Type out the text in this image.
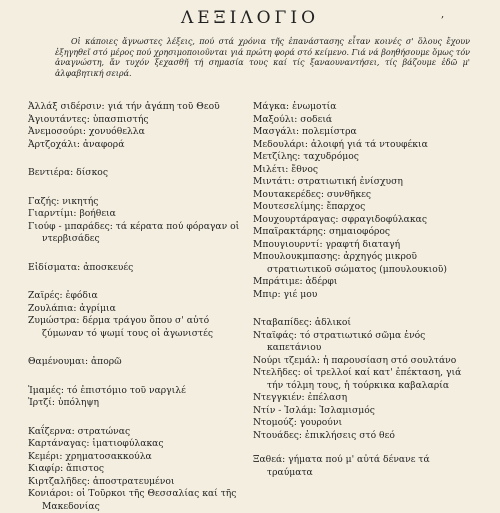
,
ΛΕΞΙΛΟΓΙΟ
Οἱ κάποιες ἄγνωστες λέξεις, πού στά χρόνια τῆς ἐπανάστασης εἶταν κοινές σ' ὅλους ἔχουν ἐξηγηθεῖ στό μέρος πού χρησιμοποιοῦνται γιά πρώτη φορά στό κείμενο. Γιά νά βοηθήσουμε ὅμως τόν ἀναγνώστη, ἄν τυχόν ξεχασθῆ τή σημασία τους καί τίς ξαναουναντήσει, τίς βάζουμε ἐδῶ μ' ἀλφαβητική σειρά.
Ἀλλάξ σιδέρσιν: γιά τήν ἀγάπη τοῦ Θεοῦ
Ἀγιουτάντες: ὑπασπιστής
Ἀνεμοσούρι: χονυόθελλα
Ἀρτζοχάλι: ἀναφορά
Βεντιέρα: δίσκος
Γαζής: νικητής
Γιαρντίμι: βοήθεια
Γιούφ - μπαράδες: τά κέρατα πού φόραγαν οἱ ντερβισάδες
Εἰδίσματα: ἀποσκευές
Ζαϊρές: ἐφόδια
Ζουλάπια: ἀγρίμια
Ζυμώστρα: δέρμα τράγου ὅπου σ' αὐτό ζύμωναν τό ψωμί τους οἱ ἀγωνιστές
Θαμένουμαι: ἀπορῶ
Ἰμαμές: τό ἐπιστόμιο τοῦ ναργιλέ
Ἰρτζί: ὑπόληψη
Καΐζερνα: στρατώνας
Καρτάναγας: ἱματιοφύλακας
Κεμέρι: χρηματοσακκούλα
Κιαφίρ: ἄπιστος
Κιρτζαλῆδες: ἀποστρατευμένοι
Κονιάροι: οἱ Τοῦρκοι τῆς Θεσσαλίας καί τῆς Μακεδονίας
Μάγκα: ἐνωμοτία
Μαξούλι: σοδειά
Μασγάλι: πολεμίστρα
Μεδουλάρι: ἀλοιφή γιά τά ντουφέκια
Μετζίλης: ταχυδρόμος
Μιλέτι: ἔθνος
Μιντάτι: στρατιωτική ἐνίσχυση
Μουτακερέδες: συνθῆκες
Μουτεσελίμης: ἔπαρχος
Μουχουρτάραγας: σφραγιδοφύλακας
Μπαϊρακτάρης: σημαιοφόρος
Μπουγιουρντί: γραφτή διαταγή
Μπουλουκμπασης: ἀρχηγός μικροῦ στρατιωτικοῦ σώματος (μπουλουκιοῦ)
Μπράτιμε: ἀδέρφι
Μπιρ: γιέ μου
Νταβαπίδες: ἀδλικοί
Νταϊφάς: τό στρατιωτικό σῶμα ἑνός καπετάνιου
Νούρι τζεμάλ: ἡ παρουσίαση στό σουλτάνο
Ντελῆδες: οἱ τρελλοί καί κατ' ἐπέκταση, γιά τήν τόλμη τους, ἡ τούρκικα καβαλαρία
Ντεγγκιέν: ἐπέλαση
Ντίν - Ἰσλάμ: Ἰσλαμισμός
Ντομούζ: γουρούνι
Ντουάδες: ἐπικλήσεις στό θεό
Ξαθεά: γήματα πού μ' αὐτά δένανε τά τραύματα
